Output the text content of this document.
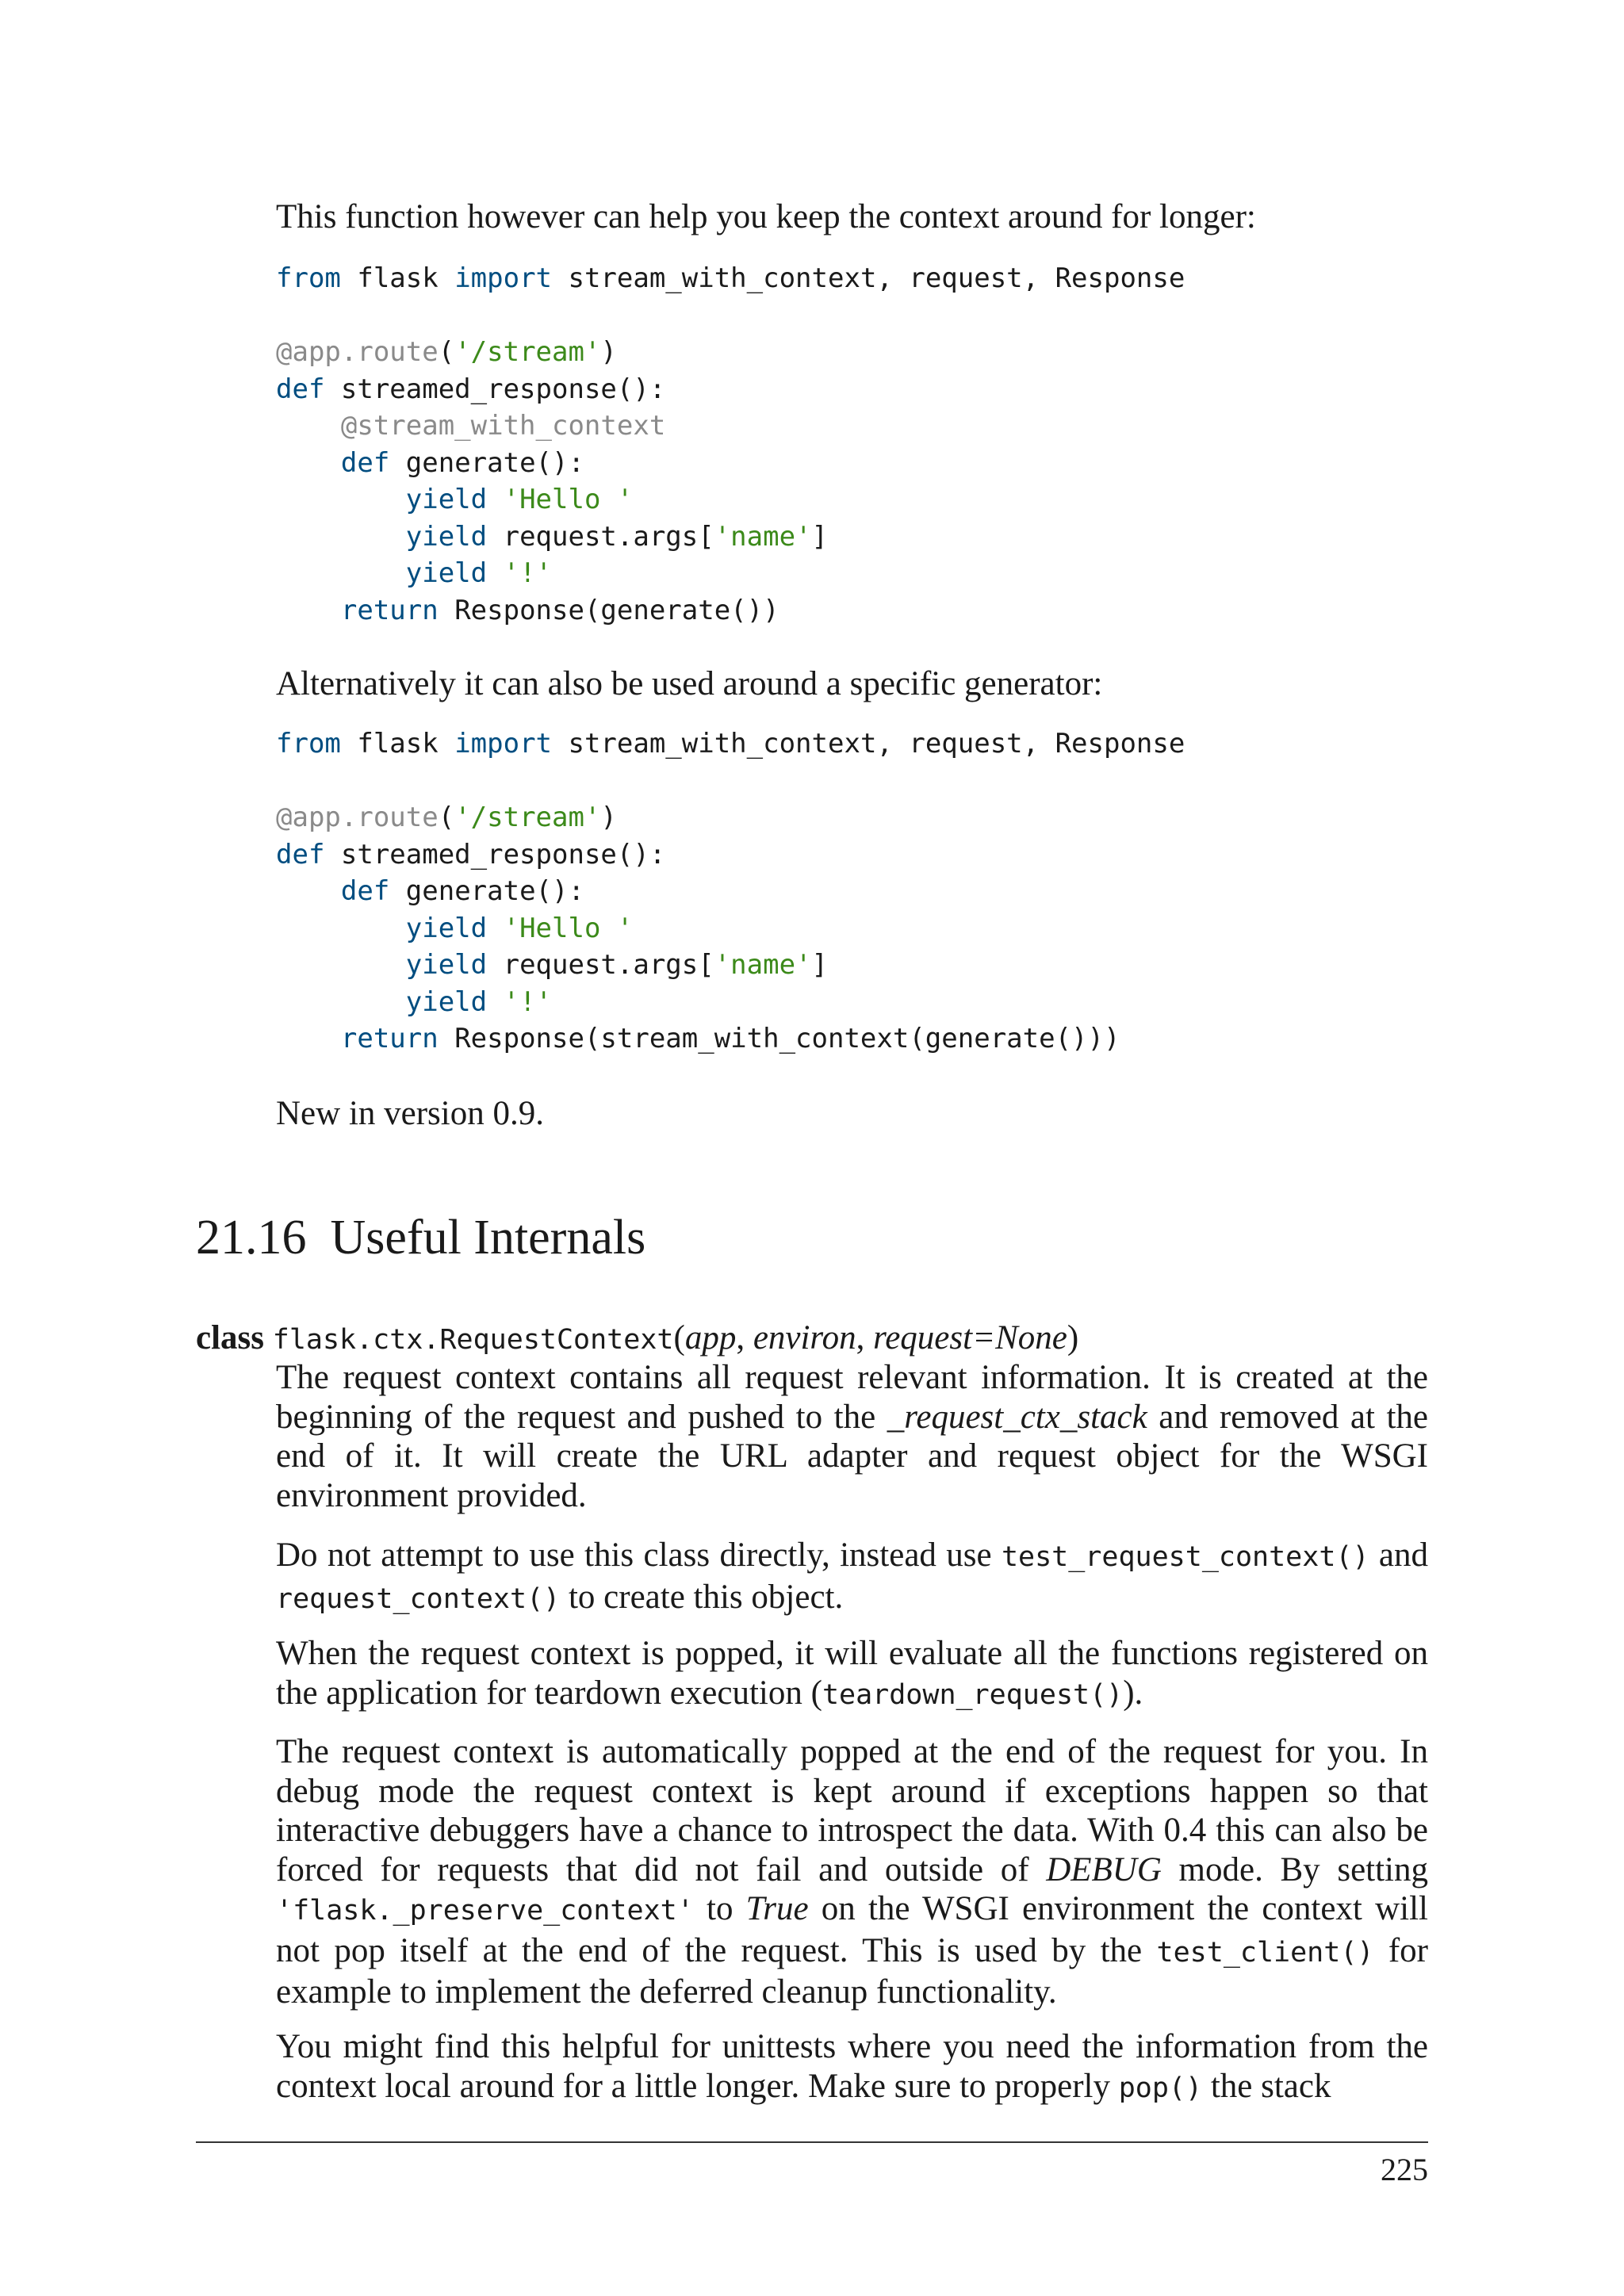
This function however can help you keep the context around for longer:

from flask import stream_with_context, request, Response

@app.route('/stream')
def streamed_response():
@stream_with_context
def generate():
yield 'Hello '
yield request.args['name']
yield '!'
return Response(generate())

Alternatively it can also be used around a specific generator:

from flask import stream_with_context, request, Response

@app.route('/stream')
def streamed_response():
def generate():
yield 'Hello '
yield request.args['name']
yield '!'
return Response(stream_with_context(generate()))

New in version 0.9.

21.16 Useful Internals
class flask.ctx.RequestContext(app, environ, request=None)

The request context contains all request relevant information. It is created at the beginning of the request and pushed to the _request_ctx_stack and removed at the end of it. It will create the URL adapter and request object for the WSGI environment provided.

Do not attempt to use this class directly, instead use test_request_context() and request_context() to create this object.

When the request context is popped, it will evaluate all the functions registered on the application for teardown execution (teardown_request()).

The request context is automatically popped at the end of the request for you. In debug mode the request context is kept around if exceptions happen so that interactive debuggers have a chance to introspect the data. With 0.4 this can also be forced for requests that did not fail and outside of DEBUG mode. By setting 'flask._preserve_context' to True on the WSGI environment the context will not pop itself at the end of the request. This is used by the test_client() for example to implement the deferred cleanup functionality.

You might find this helpful for unittests where you need the information from the context local around for a little longer. Make sure to properly pop() the stack

225
